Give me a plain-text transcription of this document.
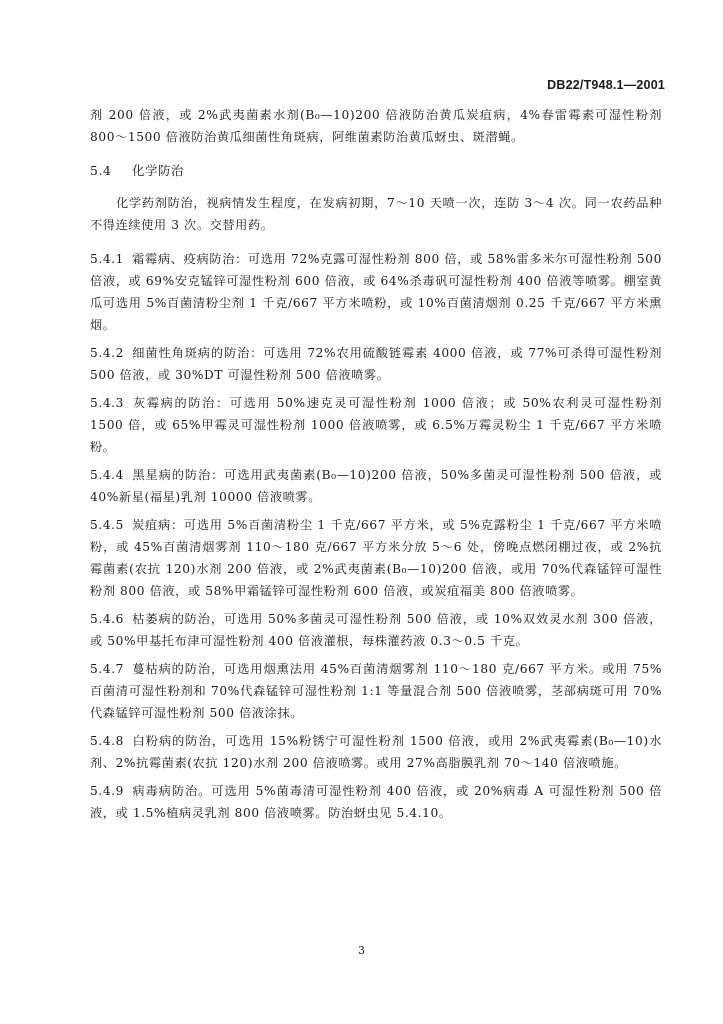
DB22/T948.1—2001

剂 200 倍液，或 2%武夷菌素水剂(B₀—10)200 倍液防治黄瓜炭疽病，4%春雷霉素可湿性粉剂 800～1500 倍液防治黄瓜细菌性角斑病，阿维菌素防治黄瓜蚜虫、斑潜蝇。

5.4 化学防治

化学药剂防治，视病情发生程度，在发病初期，7～10 天喷一次，连防 3～4 次。同一农药品种不得连续使用 3 次。交替用药。

5.4.1 霜霉病、疫病防治：可选用 72%克露可湿性粉剂 800 倍，或 58%雷多米尔可湿性粉剂 500 倍液，或 69%安克锰锌可湿性粉剂 600 倍液，或 64%杀毒矾可湿性粉剂 400 倍液等喷雾。棚室黄瓜可选用 5%百菌清粉尘剂 1 千克/667 平方米喷粉，或 10%百菌清烟剂 0.25 千克/667 平方米熏烟。

5.4.2 细菌性角斑病的防治：可选用 72%农用硫酸链霉素 4000 倍液，或 77%可杀得可湿性粉剂 500 倍液，或 30%DT 可湿性粉剂 500 倍液喷雾。

5.4.3 灰霉病的防治：可选用 50%速克灵可湿性粉剂 1000 倍液；或 50%农利灵可湿性粉剂 1500 倍，或 65%甲霉灵可湿性粉剂 1000 倍液喷雾，或 6.5%万霉灵粉尘 1 千克/667 平方米喷粉。

5.4.4 黑星病的防治：可选用武夷菌素(B₀—10)200 倍液，50%多菌灵可湿性粉剂 500 倍液，或 40%新星(福星)乳剂 10000 倍液喷雾。

5.4.5 炭疽病：可选用 5%百菌清粉尘 1 千克/667 平方米，或 5%克露粉尘 1 千克/667 平方米喷粉，或 45%百菌清烟雾剂 110～180 克/667 平方米分放 5～6 处，傍晚点燃闭棚过夜，或 2%抗霉菌素(农抗 120)水剂 200 倍液，或 2%武夷菌素(B₀—10)200 倍液，或用 70%代森锰锌可湿性粉剂 800 倍液，或 58%甲霜锰锌可湿性粉剂 600 倍液，或炭疽福美 800 倍液喷雾。

5.4.6 枯萎病的防治，可选用 50%多菌灵可湿性粉剂 500 倍液，或 10%双效灵水剂 300 倍液，或 50%甲基托布津可湿性粉剂 400 倍液灌根，每株灌药液 0.3～0.5 千克。

5.4.7 蔓枯病的防治，可选用烟熏法用 45%百菌清烟雾剂 110～180 克/667 平方米。或用 75%百菌清可湿性粉剂和 70%代森锰锌可湿性粉剂 1:1 等量混合剂 500 倍液喷雾，茎部病斑可用 70%代森锰锌可湿性粉剂 500 倍液涂抹。

5.4.8 白粉病的防治，可选用 15%粉锈宁可湿性粉剂 1500 倍液，或用 2%武夷霉素(B₀—10)水剂、2%抗霉菌素(农抗 120)水剂 200 倍液喷雾。或用 27%高脂膜乳剂 70～140 倍液喷施。

5.4.9 病毒病防治。可选用 5%菌毒清可湿性粉剂 400 倍液，或 20%病毒 A 可湿性粉剂 500 倍液，或 1.5%植病灵乳剂 800 倍液喷雾。防治蚜虫见 5.4.10。

3
